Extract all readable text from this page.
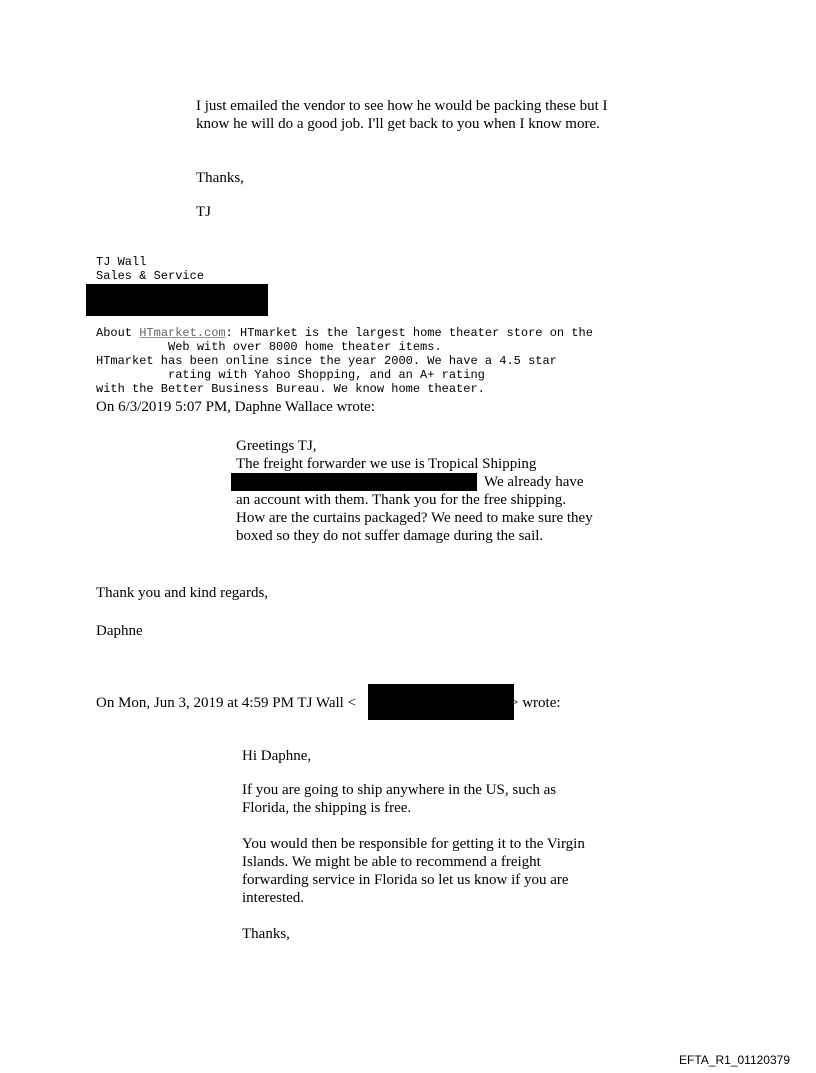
I just emailed the vendor to see how he would be packing these but I know he will do a good job. I'll get back to you when I know more.

Thanks,

TJ

TJ Wall
Sales & Service
About HTmarket.com: HTmarket is the largest home theater store on the
Web with over 8000 home theater items.
HTmarket has been online since the year 2000. We have a 4.5 star
rating with Yahoo Shopping, and an A+ rating
with the Better Business Bureau. We know home theater.
On 6/3/2019 5:07 PM, Daphne Wallace wrote:
Greetings TJ,
The freight forwarder we use is Tropical Shipping
We already have

an account with them. Thank you for the free shipping. How are the curtains packaged? We need to make sure they boxed so they do not suffer damage during the sail.

Thank you and kind regards,
Daphne
On Mon, Jun 3, 2019 at 4:59 PM TJ Wall <	> wrote:
Hi Daphne,

If you are going to ship anywhere in the US, such as Florida, the shipping is free.

You would then be responsible for getting it to the Virgin Islands. We might be able to recommend a freight forwarding service in Florida so let us know if you are interested.

Thanks,
EFTA_R1_01120379
